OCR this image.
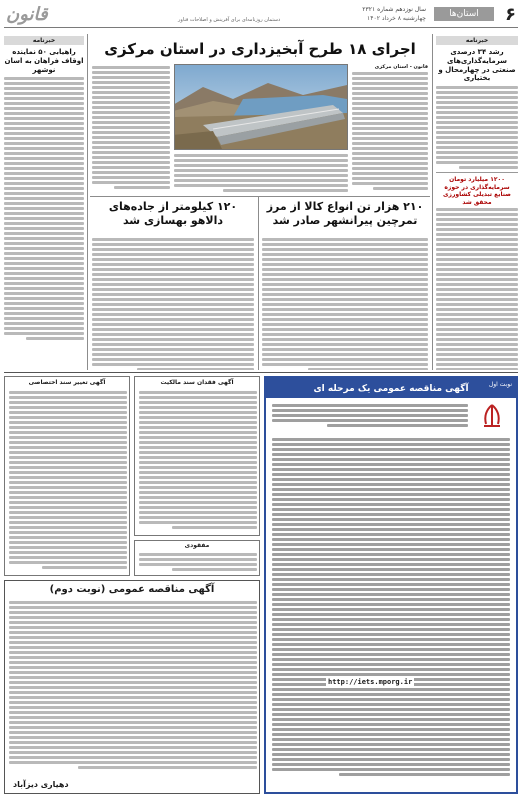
۶
استان‌ها
سال نوزدهم شماره ۲۳۲۱
چهارشنبه ۸ خرداد ۱۴۰۲
قانون	دستمان روزنامه‌ای برای آفرینش و اصلاحات فناور
خبرنامه
رشد ۳۴ درصدی سرمایه‌گذاری‌های صنعتی در چهارمحال و بختیاری
۱۲۰۰ میلیارد تومان سرمایه‌گذاری در حوزه صنایع تبدیلی کشاورزی محقق شد
خبرنامه
راهیابی ۵۰ نماینده اوقاف فراهان به اسان نوشهر
اجرای ۱۸ طرح آبخیزداری در استان مرکزی
قانون - استان مرکزی
۲۱۰ هزار تن انواع کالا از مرز
تمرچین پیرانشهر صادر شد
۱۲۰ کیلومتر از جاده‌های
دالاهو بهسازی شد
نوبت اول
آگهی مناقصه عمومی یک مرحله ای
http://iets.mporg.ir
آگهی فقدان سند مالکیت
آگهی تغییر سند اختصاصی
مفقودی
آگهی مناقصه عمومی (نوبت دوم)
دهیاری دیزآباد
